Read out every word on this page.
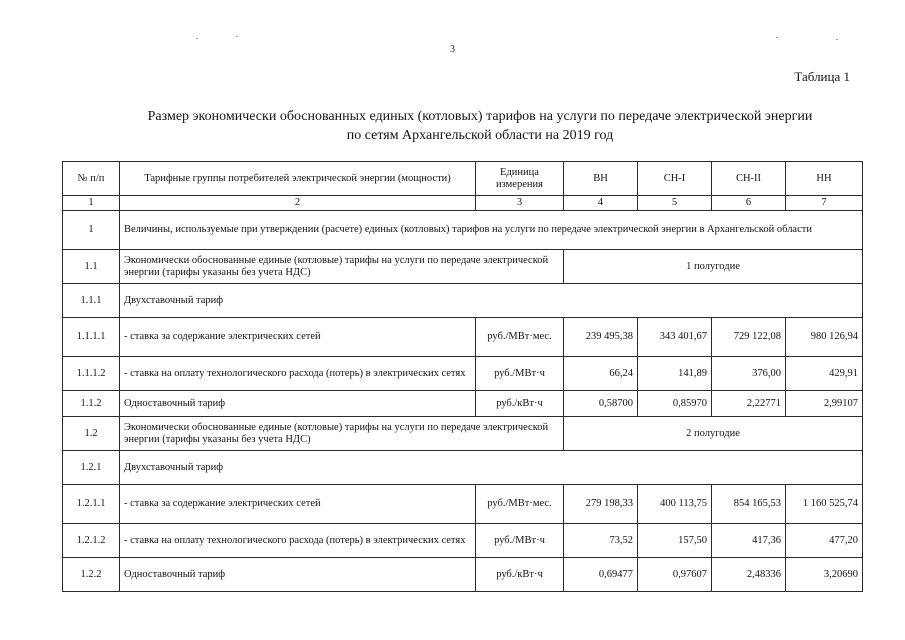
3
Таблица 1
Размер экономически обоснованных единых (котловых) тарифов на услуги по передаче электрической энергии
по сетям Архангельской области на 2019 год
№ п/п	Тарифные группы потребителей электрической энергии (мощности)	Единица измерения	ВН	СН-I	СН-II	НН
1	2	3	4	5	6	7
1	Величины, используемые при утверждении (расчете) единых (котловых) тарифов на услуги по передаче электрической энергии в Архангельской области					
1.1	Экономически обоснованные единые (котловые) тарифы на услуги по передаче электрической энергии (тарифы указаны без учета НДС)		1 полугодие			
1.1.1	Двухставочный тариф					
1.1.1.1	- ставка за содержание электрических сетей	руб./МВт·мес.	239 495,38	343 401,67	729 122,08	980 126,94
1.1.1.2	- ставка на оплату технологического расхода (потерь) в электрических сетях	руб./МВт·ч	66,24	141,89	376,00	429,91
1.1.2	Одноставочный тариф	руб./кВт·ч	0,58700	0,85970	2,22771	2,99107
1.2	Экономически обоснованные единые (котловые) тарифы на услуги по передаче электрической энергии (тарифы указаны без учета НДС)		2 полугодие			
1.2.1	Двухставочный тариф					
1.2.1.1	- ставка за содержание электрических сетей	руб./МВт·мес.	279 198,33	400 113,75	854 165,53	1 160 525,74
1.2.1.2	- ставка на оплату технологического расхода (потерь) в электрических сетях	руб./МВт·ч	73,52	157,50	417,36	477,20
1.2.2	Одноставочный тариф	руб./кВт·ч	0,69477	0,97607	2,48336	3,20690
